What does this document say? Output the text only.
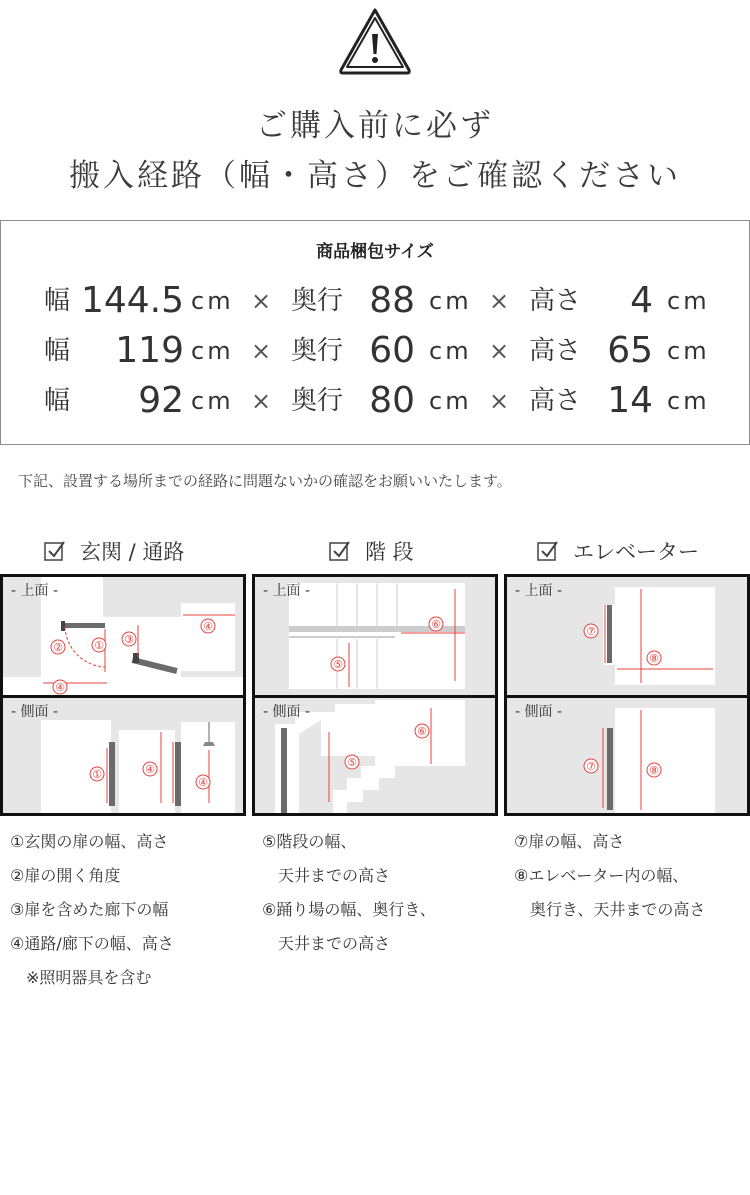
ご購入前に必ず
搬入経路（幅・高さ）をご確認ください
商品梱包サイズ
幅 144.5 cm × 奥行 88 cm × 高さ	4 cm
幅	119 cm × 奥行 60 cm × 高さ 65 cm
幅	92 cm × 奥行 80 cm × 高さ 14 cm
下記、設置する場所までの経路に問題ないかの確認をお願いいたします。
玄関 / 通路	階 段	エレベーター
- 上面 -
①
②
③
④
④
- 側面 -
①	④
④
- 上面 -
⑥
⑤
- 側面 -
⑤
⑥
- 上面 -
⑦
⑧
- 側面 -
⑦	⑧
①玄関の扉の幅、高さ
②扉の開く角度
③扉を含めた廊下の幅
④通路/廊下の幅、高さ
　※照明器具を含む
⑤階段の幅、
　天井までの高さ
⑥踊り場の幅、奥行き、
　天井までの高さ
⑦扉の幅、高さ
⑧エレベーター内の幅、
　奥行き、天井までの高さ
